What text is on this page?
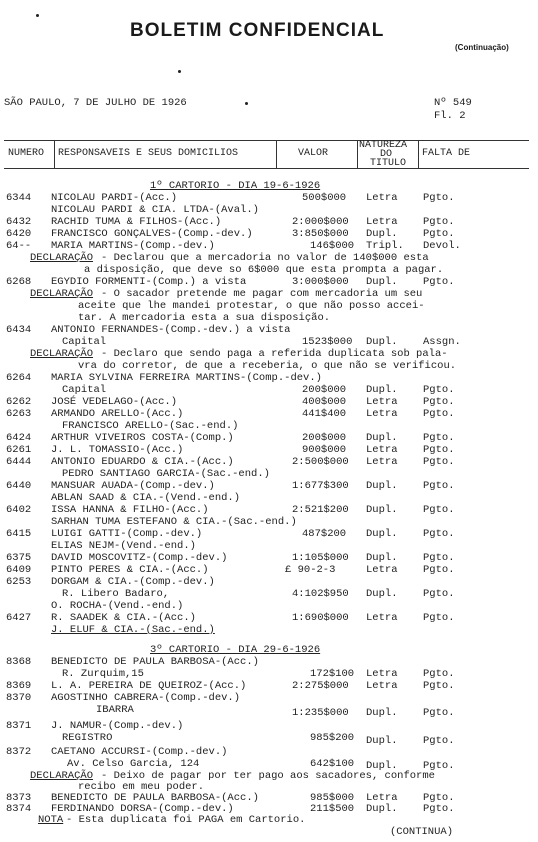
BOLETIM CONFIDENCIAL
(Continuação)
SÃO PAULO, 7 DE JULHO DE 1926	Nº 549
Fl. 2
NUMERO RESPONSAVEIS E SEUS DOMICILIOS	VALOR
NATUREZA
DO
TITULO
FALTA DE
1º CARTORIO - DIA 19-6-1926
6344 NICOLAU PARDI-(Acc.)	500$000 Letra Pgto.
NICOLAU PARDI & CIA. LTDA-(Aval.)
6432 RACHID TUMA & FILHOS-(Acc.)	2:000$000 Letra Pgto.
6420 FRANCISCO GONÇALVES-(Comp.-dev.)	3:850$000 Dupl. Pgto.
64-- MARIA MARTINS-(Comp.-dev.)	146$000 Tripl. Devol.
DECLARAÇÃO - Declarou que a mercadoria no valor de 140$000 esta
a disposição, que deve so 6$000 que esta prompta a pagar.
6268 EGYDIO FORMENTI-(Comp.) a vista	3:000$000 Dupl. Pgto.
DECLARAÇÃO - O sacador pretende me pagar com mercadoria um seu
aceite que lhe mandei protestar, o que não posso accei-
tar. A mercadoria esta a sua disposição.
6434 ANTONIO FERNANDES-(Comp.-dev.) a vista
Capital	1523$000 Dupl. Assgn.
DECLARAÇÃO - Declaro que sendo paga a referida duplicata sob pala-
vra do corretor, de que a receberia, o que não se verificou.
6264 MARIA SYLVINA FERREIRA MARTINS-(Comp.-dev.)
Capital	200$000 Dupl. Pgto.
6262 JOSÉ VEDELAGO-(Acc.)	400$000 Letra Pgto.
6263 ARMANDO ARELLO-(Acc.)	441$400 Letra Pgto.
FRANCISCO ARELLO-(Sac.-end.)
6424 ARTHUR VIVEIROS COSTA-(Comp.)	200$000 Dupl. Pgto.
6261 J. L. TOMASSIO-(Acc.)	900$000 Letra Pgto.
6444 ANTONIO EDUARDO & CIA.-(Acc.)	2:500$000 Letra Pgto.
PEDRO SANTIAGO GARCIA-(Sac.-end.)
6440 MANSUAR AUADA-(Comp.-dev.)	1:677$300 Dupl. Pgto.
ABLAN SAAD & CIA.-(Vend.-end.)
6402 ISSA HANNA & FILHO-(Acc.)	2:521$200 Dupl. Pgto.
SARHAN TUMA ESTEFANO & CIA.-(Sac.-end.)
6415 LUIGI GATTI-(Comp.-dev.)	487$200 Dupl. Pgto.
ELIAS NEJM-(Vend.-end.)
6375 DAVID MOSCOVITZ-(Comp.-dev.)	1:105$000 Dupl. Pgto.
6409 PINTO PERES & CIA.-(Acc.)	£ 90-2-3	Letra Pgto.
6253 DORGAM & CIA.-(Comp.-dev.)
R. Libero Badaro,	4:102$950 Dupl. Pgto.
O. ROCHA-(Vend.-end.)
6427 R. SAADEK & CIA.-(Acc.)	1:690$000 Letra Pgto.
J. ELUF & CIA.-(Sac.-end.)
3º CARTORIO - DIA 29-6-1926
8368 BENEDICTO DE PAULA BARBOSA-(Acc.)
R. Zurquim,15	172$100 Letra Pgto.
8369 L. A. PEREIRA DE QUEIROZ-(Acc.)	2:275$000 Letra Pgto.
8370 AGOSTINHO CABRERA-(Comp.-dev.)
IBARRA	1:235$000 Dupl. Pgto.
8371 J. NAMUR-(Comp.-dev.)
REGISTRO	985$200 Dupl. Pgto.
8372 CAETANO ACCURSI-(Comp.-dev.)
Av. Celso Garcia, 124	642$100 Dupl. Pgto.
DECLARAÇÃO - Deixo de pagar por ter pago aos sacadores, conforme
recibo em meu poder.
8373 BENEDICTO DE PAULA BARBOSA-(Acc.)	985$000 Letra Pgto.
8374 FERDINANDO DORSA-(Comp.-dev.)	211$500 Dupl. Pgto.
NOTA - Esta duplicata foi PAGA em Cartorio.
(CONTINUA)
